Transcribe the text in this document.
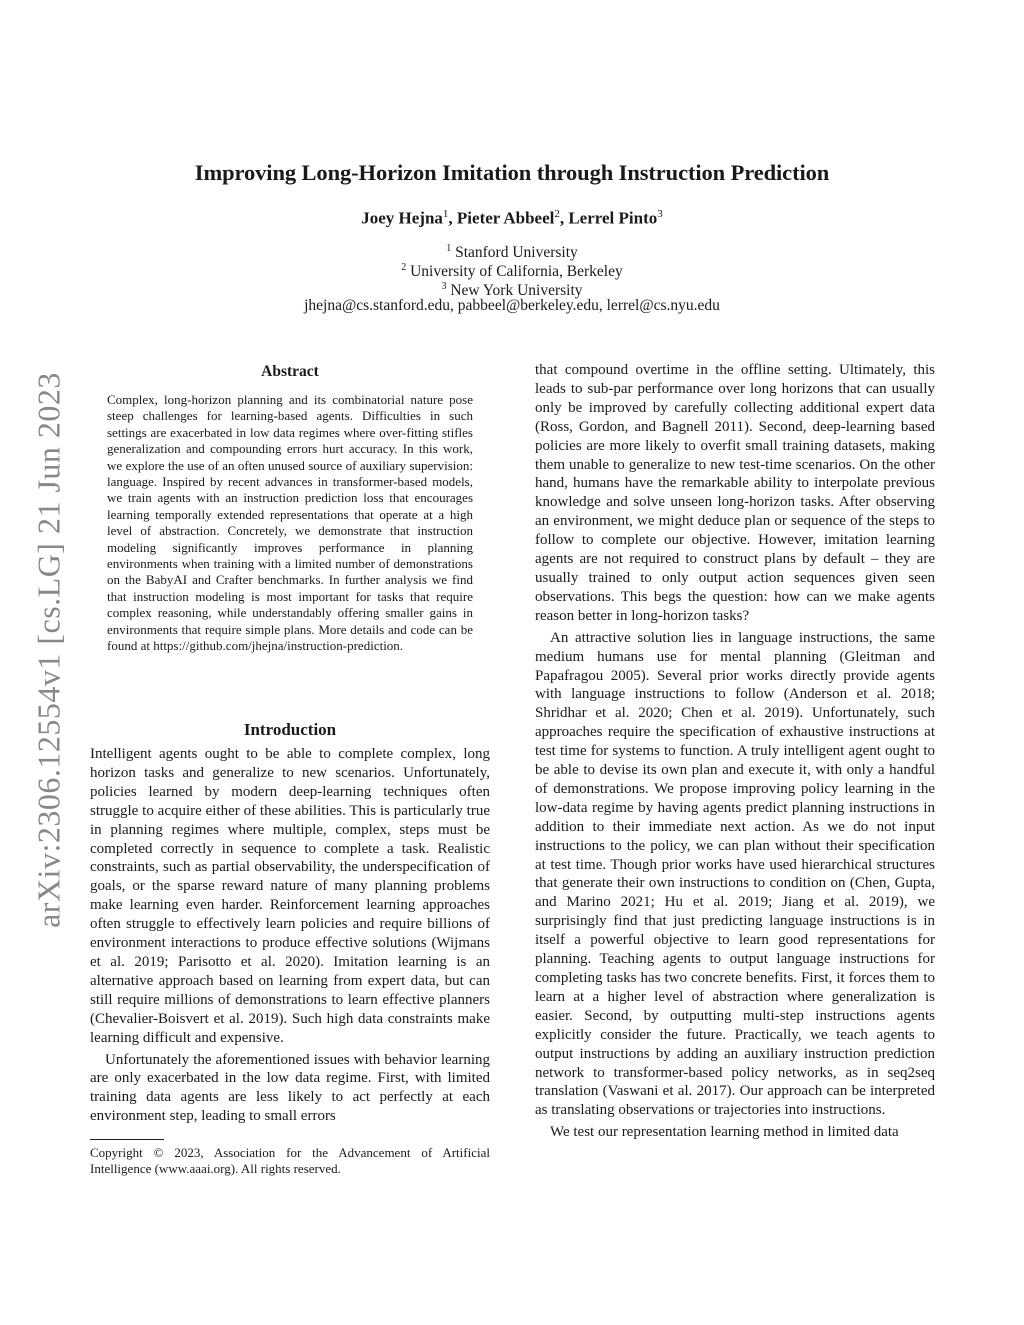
Improving Long-Horizon Imitation through Instruction Prediction
Joey Hejna$^1$, Pieter Abbeel$^2$, Lerrel Pinto$^3$
$^1$ Stanford University
$^2$ University of California, Berkeley
$^3$ New York University
jhejna@cs.stanford.edu, pabbeel@berkeley.edu, lerrel@cs.nyu.edu
arXiv:2306.12554v1 [cs.LG] 21 Jun 2023
Abstract

Complex, long-horizon planning and its combinatorial nature pose steep challenges for learning-based agents. Difficulties in such settings are exacerbated in low data regimes where over-fitting stifles generalization and compounding errors hurt accuracy. In this work, we explore the use of an often unused source of auxiliary supervision: language. Inspired by recent advances in transformer-based models, we train agents with an instruction prediction loss that encourages learning temporally extended representations that operate at a high level of abstraction. Concretely, we demonstrate that instruction modeling significantly improves performance in planning environments when training with a limited number of demonstrations on the BabyAI and Crafter benchmarks. In further analysis we find that instruction modeling is most important for tasks that require complex reasoning, while understandably offering smaller gains in environments that require simple plans. More details and code can be found at https://github.com/jhejna/instruction-prediction.

Introduction

Intelligent agents ought to be able to complete complex, long horizon tasks and generalize to new scenarios. Unfortunately, policies learned by modern deep-learning techniques often struggle to acquire either of these abilities. This is particularly true in planning regimes where multiple, complex, steps must be completed correctly in sequence to complete a task. Realistic constraints, such as partial observability, the underspecification of goals, or the sparse reward nature of many planning problems make learning even harder. Reinforcement learning approaches often struggle to effectively learn policies and require billions of environment interactions to produce effective solutions (Wijmans et al. 2019; Parisotto et al. 2020). Imitation learning is an alternative approach based on learning from expert data, but can still require millions of demonstrations to learn effective planners (Chevalier-Boisvert et al. 2019). Such high data constraints make learning difficult and expensive.

Unfortunately the aforementioned issues with behavior learning are only exacerbated in the low data regime. First, with limited training data agents are less likely to act perfectly at each environment step, leading to small errors

Copyright © 2023, Association for the Advancement of Artificial Intelligence (www.aaai.org). All rights reserved.

that compound overtime in the offline setting. Ultimately, this leads to sub-par performance over long horizons that can usually only be improved by carefully collecting additional expert data (Ross, Gordon, and Bagnell 2011). Second, deep-learning based policies are more likely to overfit small training datasets, making them unable to generalize to new test-time scenarios. On the other hand, humans have the remarkable ability to interpolate previous knowledge and solve unseen long-horizon tasks. After observing an environment, we might deduce plan or sequence of the steps to follow to complete our objective. However, imitation learning agents are not required to construct plans by default – they are usually trained to only output action sequences given seen observations. This begs the question: how can we make agents reason better in long-horizon tasks?

An attractive solution lies in language instructions, the same medium humans use for mental planning (Gleitman and Papafragou 2005). Several prior works directly provide agents with language instructions to follow (Anderson et al. 2018; Shridhar et al. 2020; Chen et al. 2019). Unfortunately, such approaches require the specification of exhaustive instructions at test time for systems to function. A truly intelligent agent ought to be able to devise its own plan and execute it, with only a handful of demonstrations. We propose improving policy learning in the low-data regime by having agents predict planning instructions in addition to their immediate next action. As we do not input instructions to the policy, we can plan without their specification at test time. Though prior works have used hierarchical structures that generate their own instructions to condition on (Chen, Gupta, and Marino 2021; Hu et al. 2019; Jiang et al. 2019), we surprisingly find that just predicting language instructions is in itself a powerful objective to learn good representations for planning. Teaching agents to output language instructions for completing tasks has two concrete benefits. First, it forces them to learn at a higher level of abstraction where generalization is easier. Second, by outputting multi-step instructions agents explicitly consider the future. Practically, we teach agents to output instructions by adding an auxiliary instruction prediction network to transformer-based policy networks, as in seq2seq translation (Vaswani et al. 2017). Our approach can be interpreted as translating observations or trajectories into instructions.

We test our representation learning method in limited data
